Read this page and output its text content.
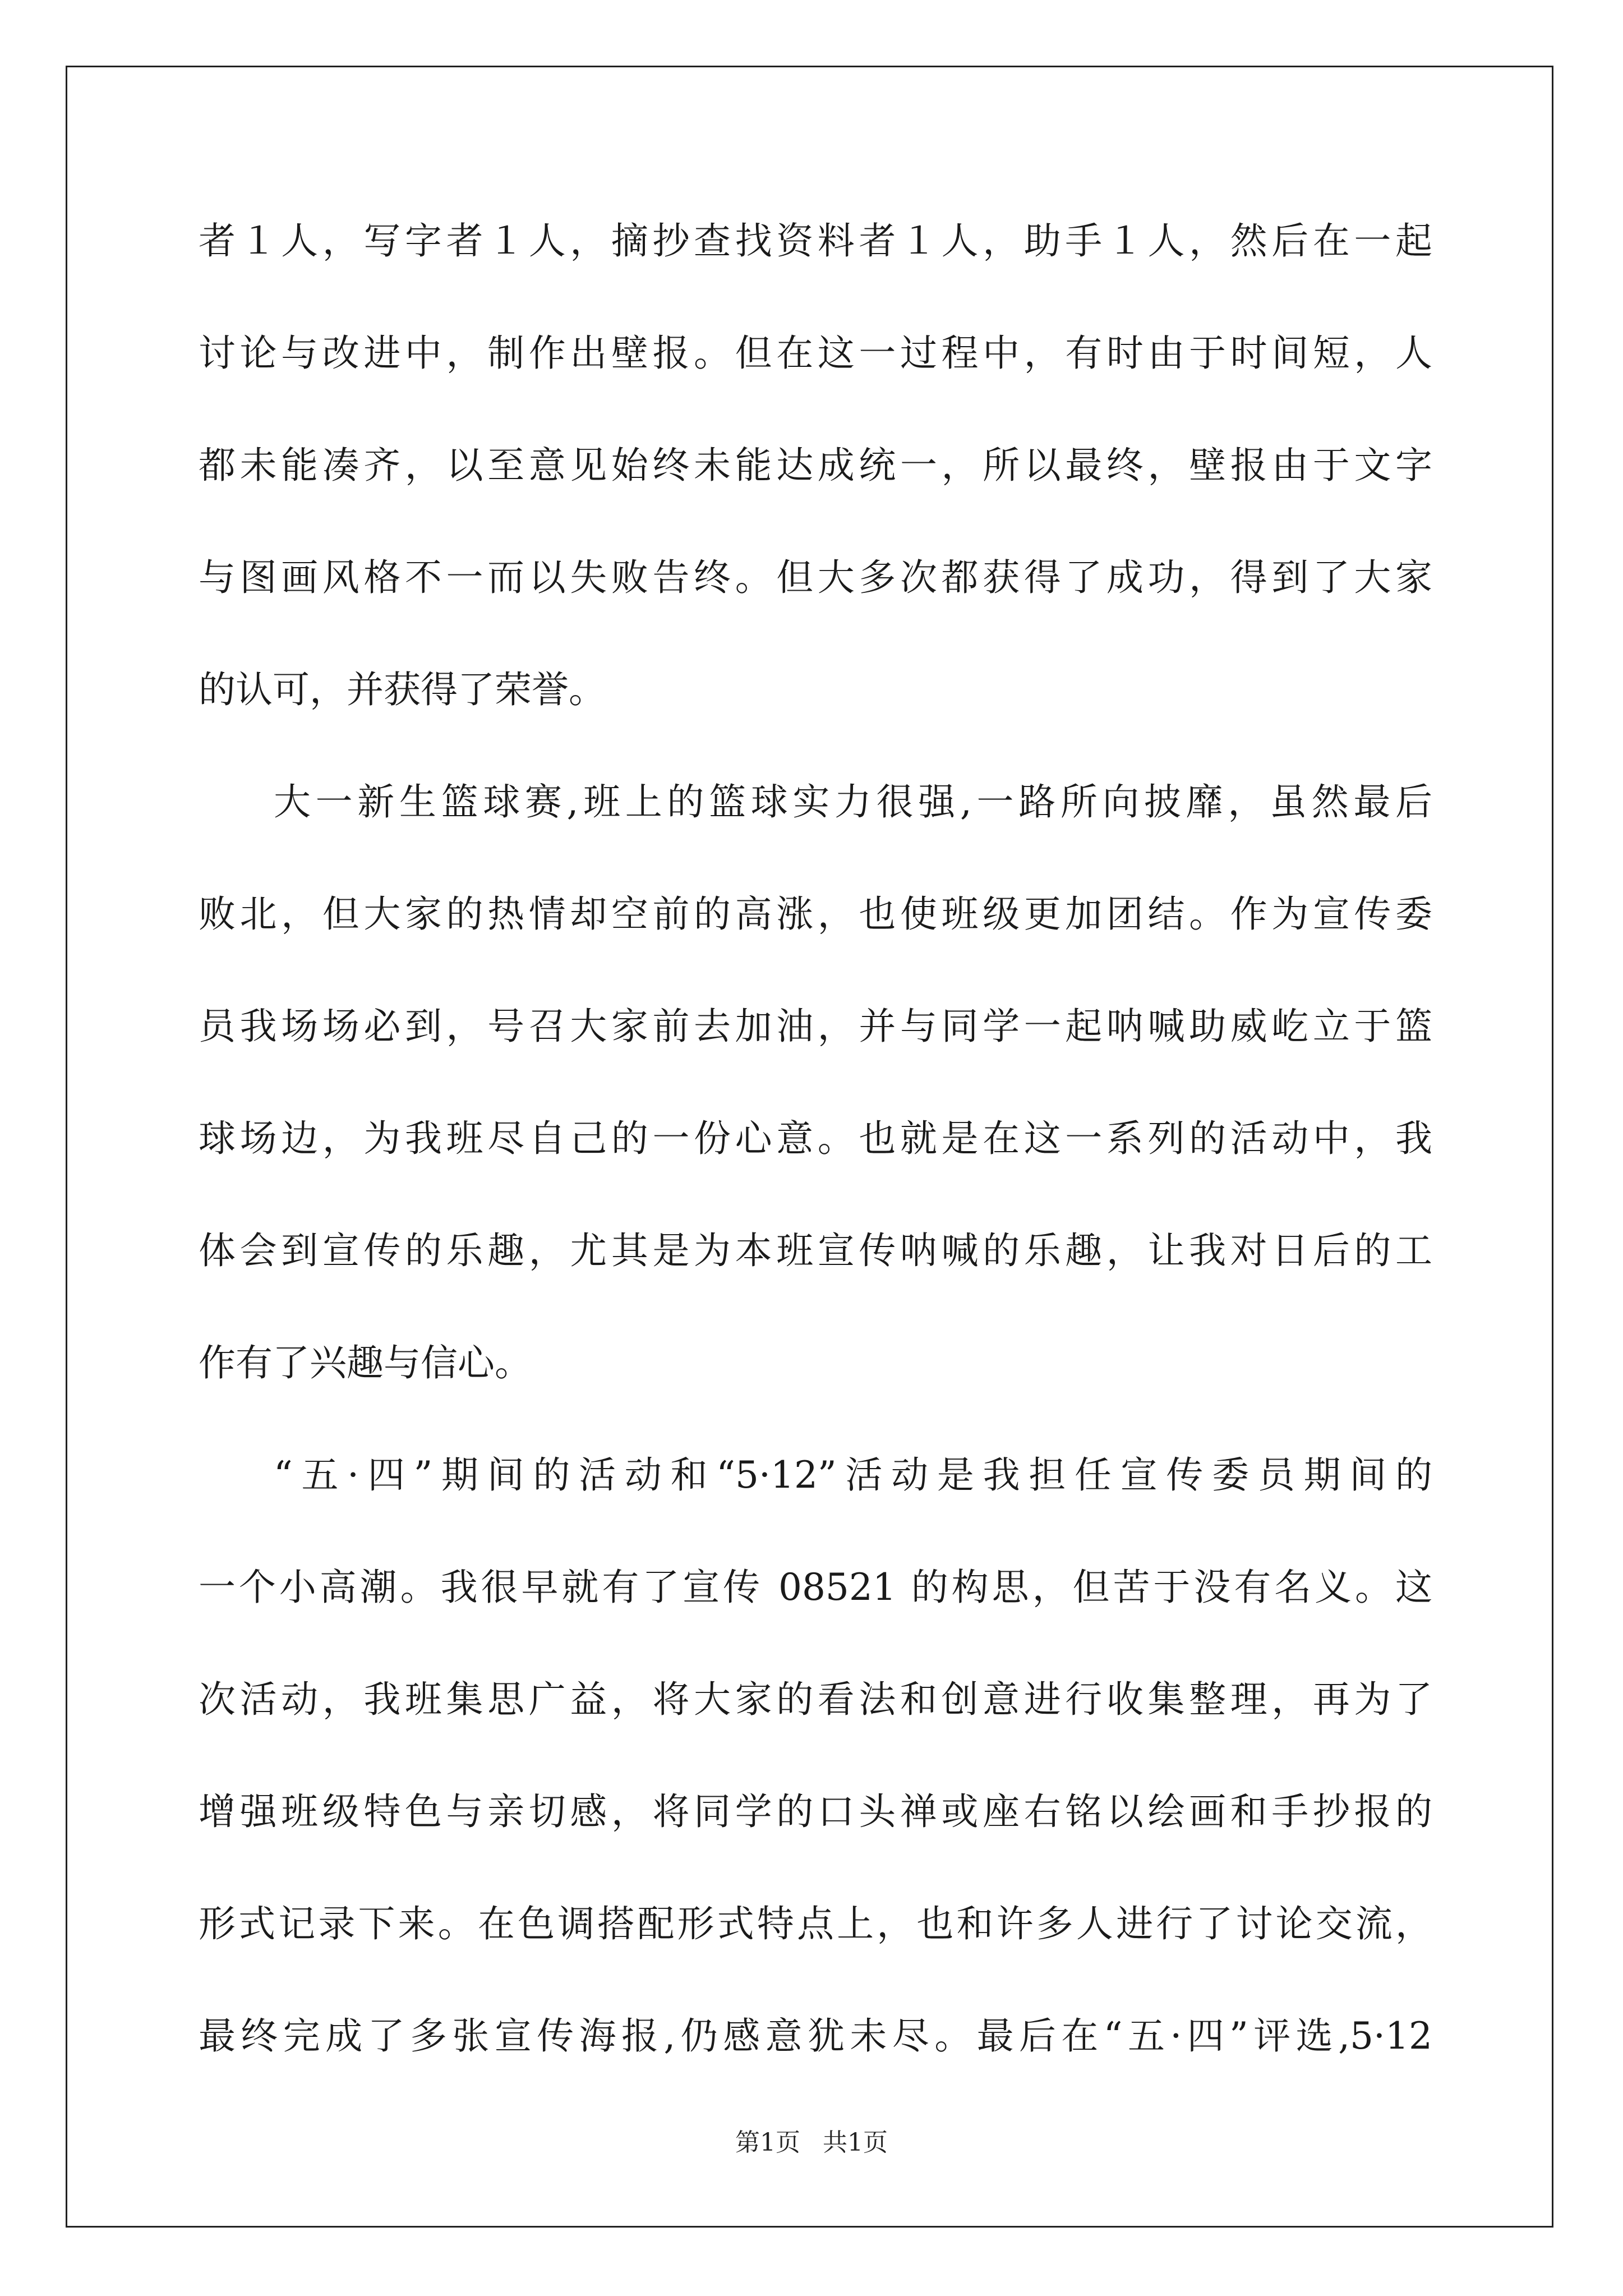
者１人，写字者１人，摘抄查找资料者１人，助手１人，然后在一起
讨论与改进中，制作出壁报。但在这一过程中，有时由于时间短，人
都未能凑齐，以至意见始终未能达成统一，所以最终，壁报由于文字
与图画风格不一而以失败告终。但大多次都获得了成功，得到了大家
的认可，并获得了荣誉。
大一新生篮球赛,班上的篮球实力很强,一路所向披靡，虽然最后
败北，但大家的热情却空前的高涨，也使班级更加团结。作为宣传委
员我场场必到，号召大家前去加油，并与同学一起呐喊助威屹立于篮
球场边，为我班尽自己的一份心意。也就是在这一系列的活动中，我
体会到宣传的乐趣，尤其是为本班宣传呐喊的乐趣，让我对日后的工
作有了兴趣与信心。
“五·四”期间的活动和“5·12”活动是我担任宣传委员期间的
一个小高潮。我很早就有了宣传 08521 的构思，但苦于没有名义。这
次活动，我班集思广益，将大家的看法和创意进行收集整理，再为了
增强班级特色与亲切感，将同学的口头禅或座右铭以绘画和手抄报的
形式记录下来。在色调搭配形式特点上，也和许多人进行了讨论交流，
最终完成了多张宣传海报,仍感意犹未尽。最后在“五·四”评选,5·12
第1页 共1页
